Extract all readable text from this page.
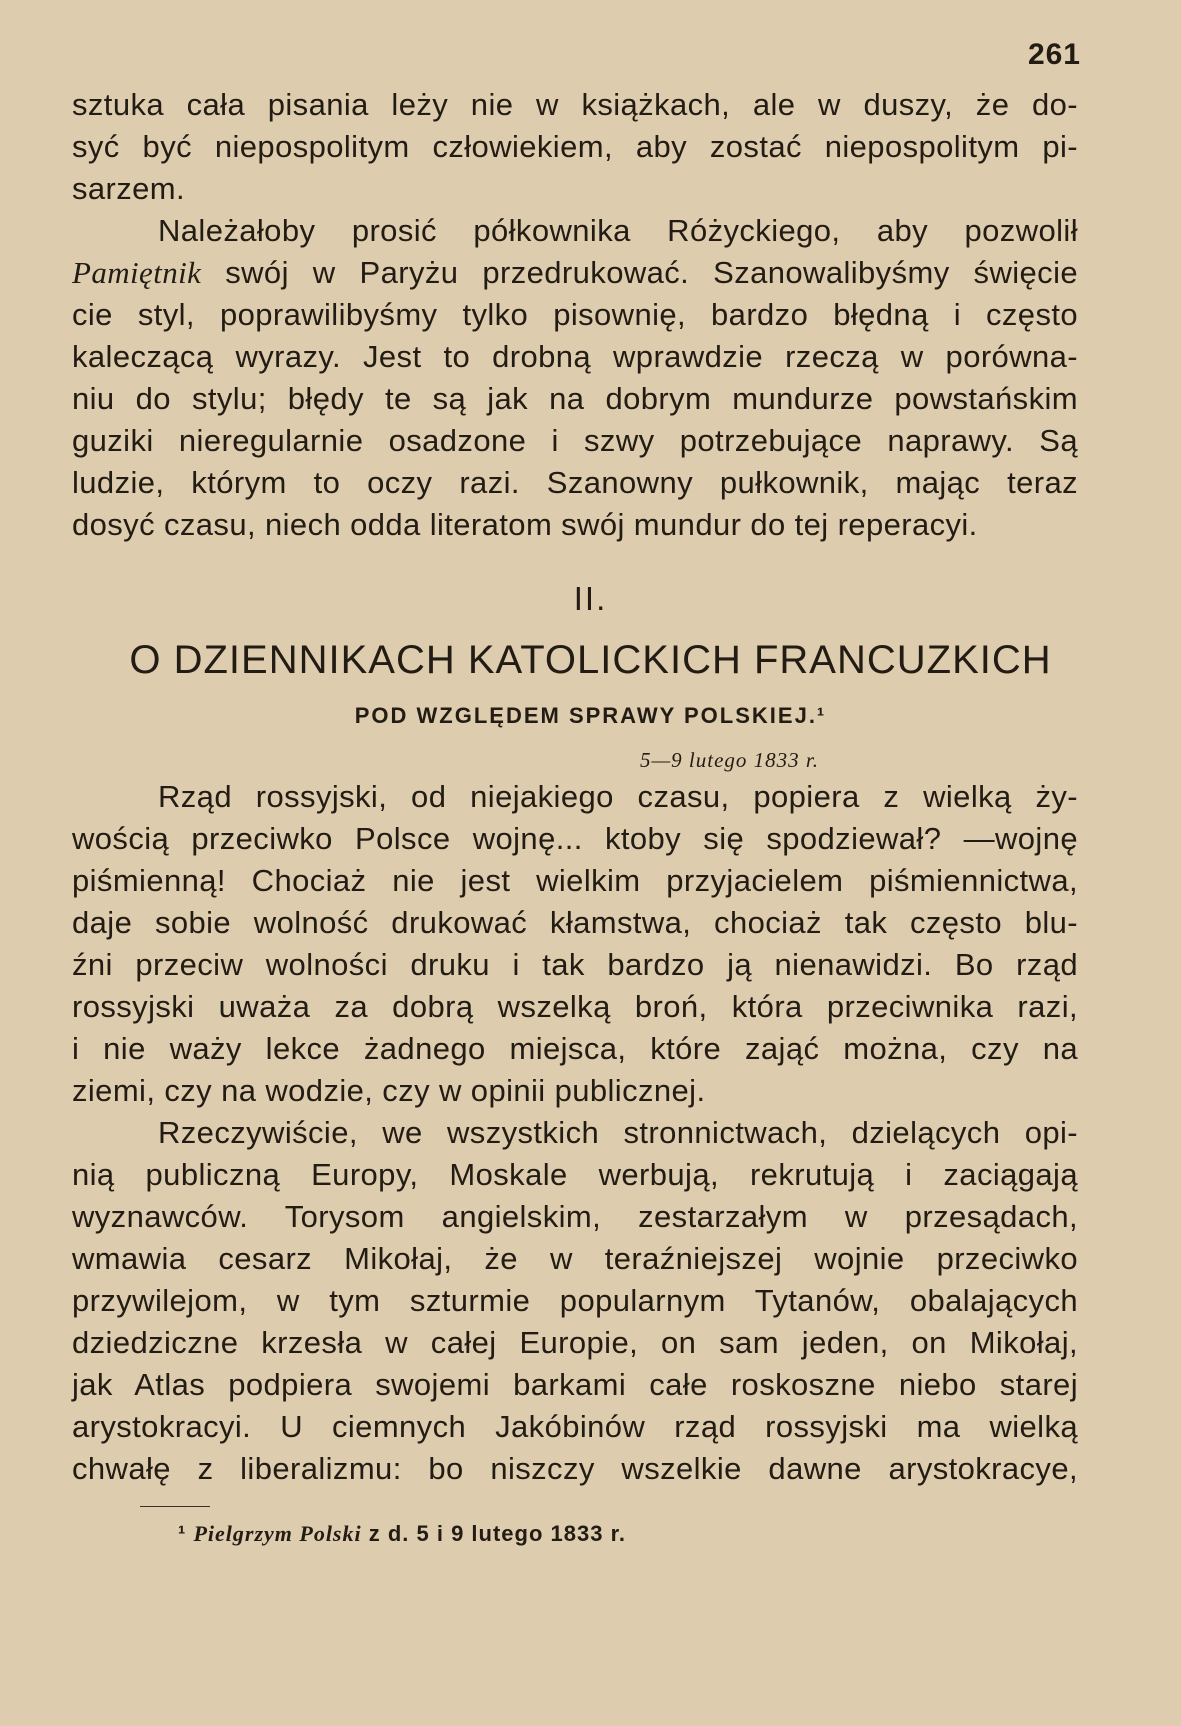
261
sztuka cała pisania leży nie w książkach, ale w duszy, że do-
syć być niepospolitym człowiekiem, aby zostać niepospolitym pi-
sarzem.
Należałoby prosić półkownika Różyckiego, aby pozwolił
Pamiętnik swój w Paryżu przedrukować. Szanowalibyśmy święcie
cie styl, poprawilibyśmy tylko pisownię, bardzo błędną i często
kaleczącą wyrazy. Jest to drobną wprawdzie rzeczą w porówna-
niu do stylu; błędy te są jak na dobrym mundurze powstańskim
guziki nieregularnie osadzone i szwy potrzebujące naprawy. Są
ludzie, którym to oczy razi. Szanowny pułkownik, mając teraz
dosyć czasu, niech odda literatom swój mundur do tej reperacyi.
II.
O DZIENNIKACH KATOLICKICH FRANCUZKICH
POD WZGLĘDEM SPRAWY POLSKIEJ.¹
5—9 lutego 1833 r.
Rząd rossyjski, od niejakiego czasu, popiera z wielką ży-
wością przeciwko Polsce wojnę... ktoby się spodziewał? —wojnę
piśmienną! Chociaż nie jest wielkim przyjacielem piśmiennictwa,
daje sobie wolność drukować kłamstwa, chociaż tak często blu-
źni przeciw wolności druku i tak bardzo ją nienawidzi. Bo rząd
rossyjski uważa za dobrą wszelką broń, która przeciwnika razi,
i nie waży lekce żadnego miejsca, które zająć można, czy na
ziemi, czy na wodzie, czy w opinii publicznej.
Rzeczywiście, we wszystkich stronnictwach, dzielących opi-
nią publiczną Europy, Moskale werbują, rekrutują i zaciągają
wyznawców. Torysom angielskim, zestarzałym w przesądach,
wmawia cesarz Mikołaj, że w teraźniejszej wojnie przeciwko
przywilejom, w tym szturmie popularnym Tytanów, obalających
dziedziczne krzesła w całej Europie, on sam jeden, on Mikołaj,
jak Atlas podpiera swojemi barkami całe roskoszne niebo starej
arystokracyi. U ciemnych Jakóbinów rząd rossyjski ma wielką
chwałę z liberalizmu: bo niszczy wszelkie dawne arystokracye,
¹ Pielgrzym Polski z d. 5 i 9 lutego 1833 r.
